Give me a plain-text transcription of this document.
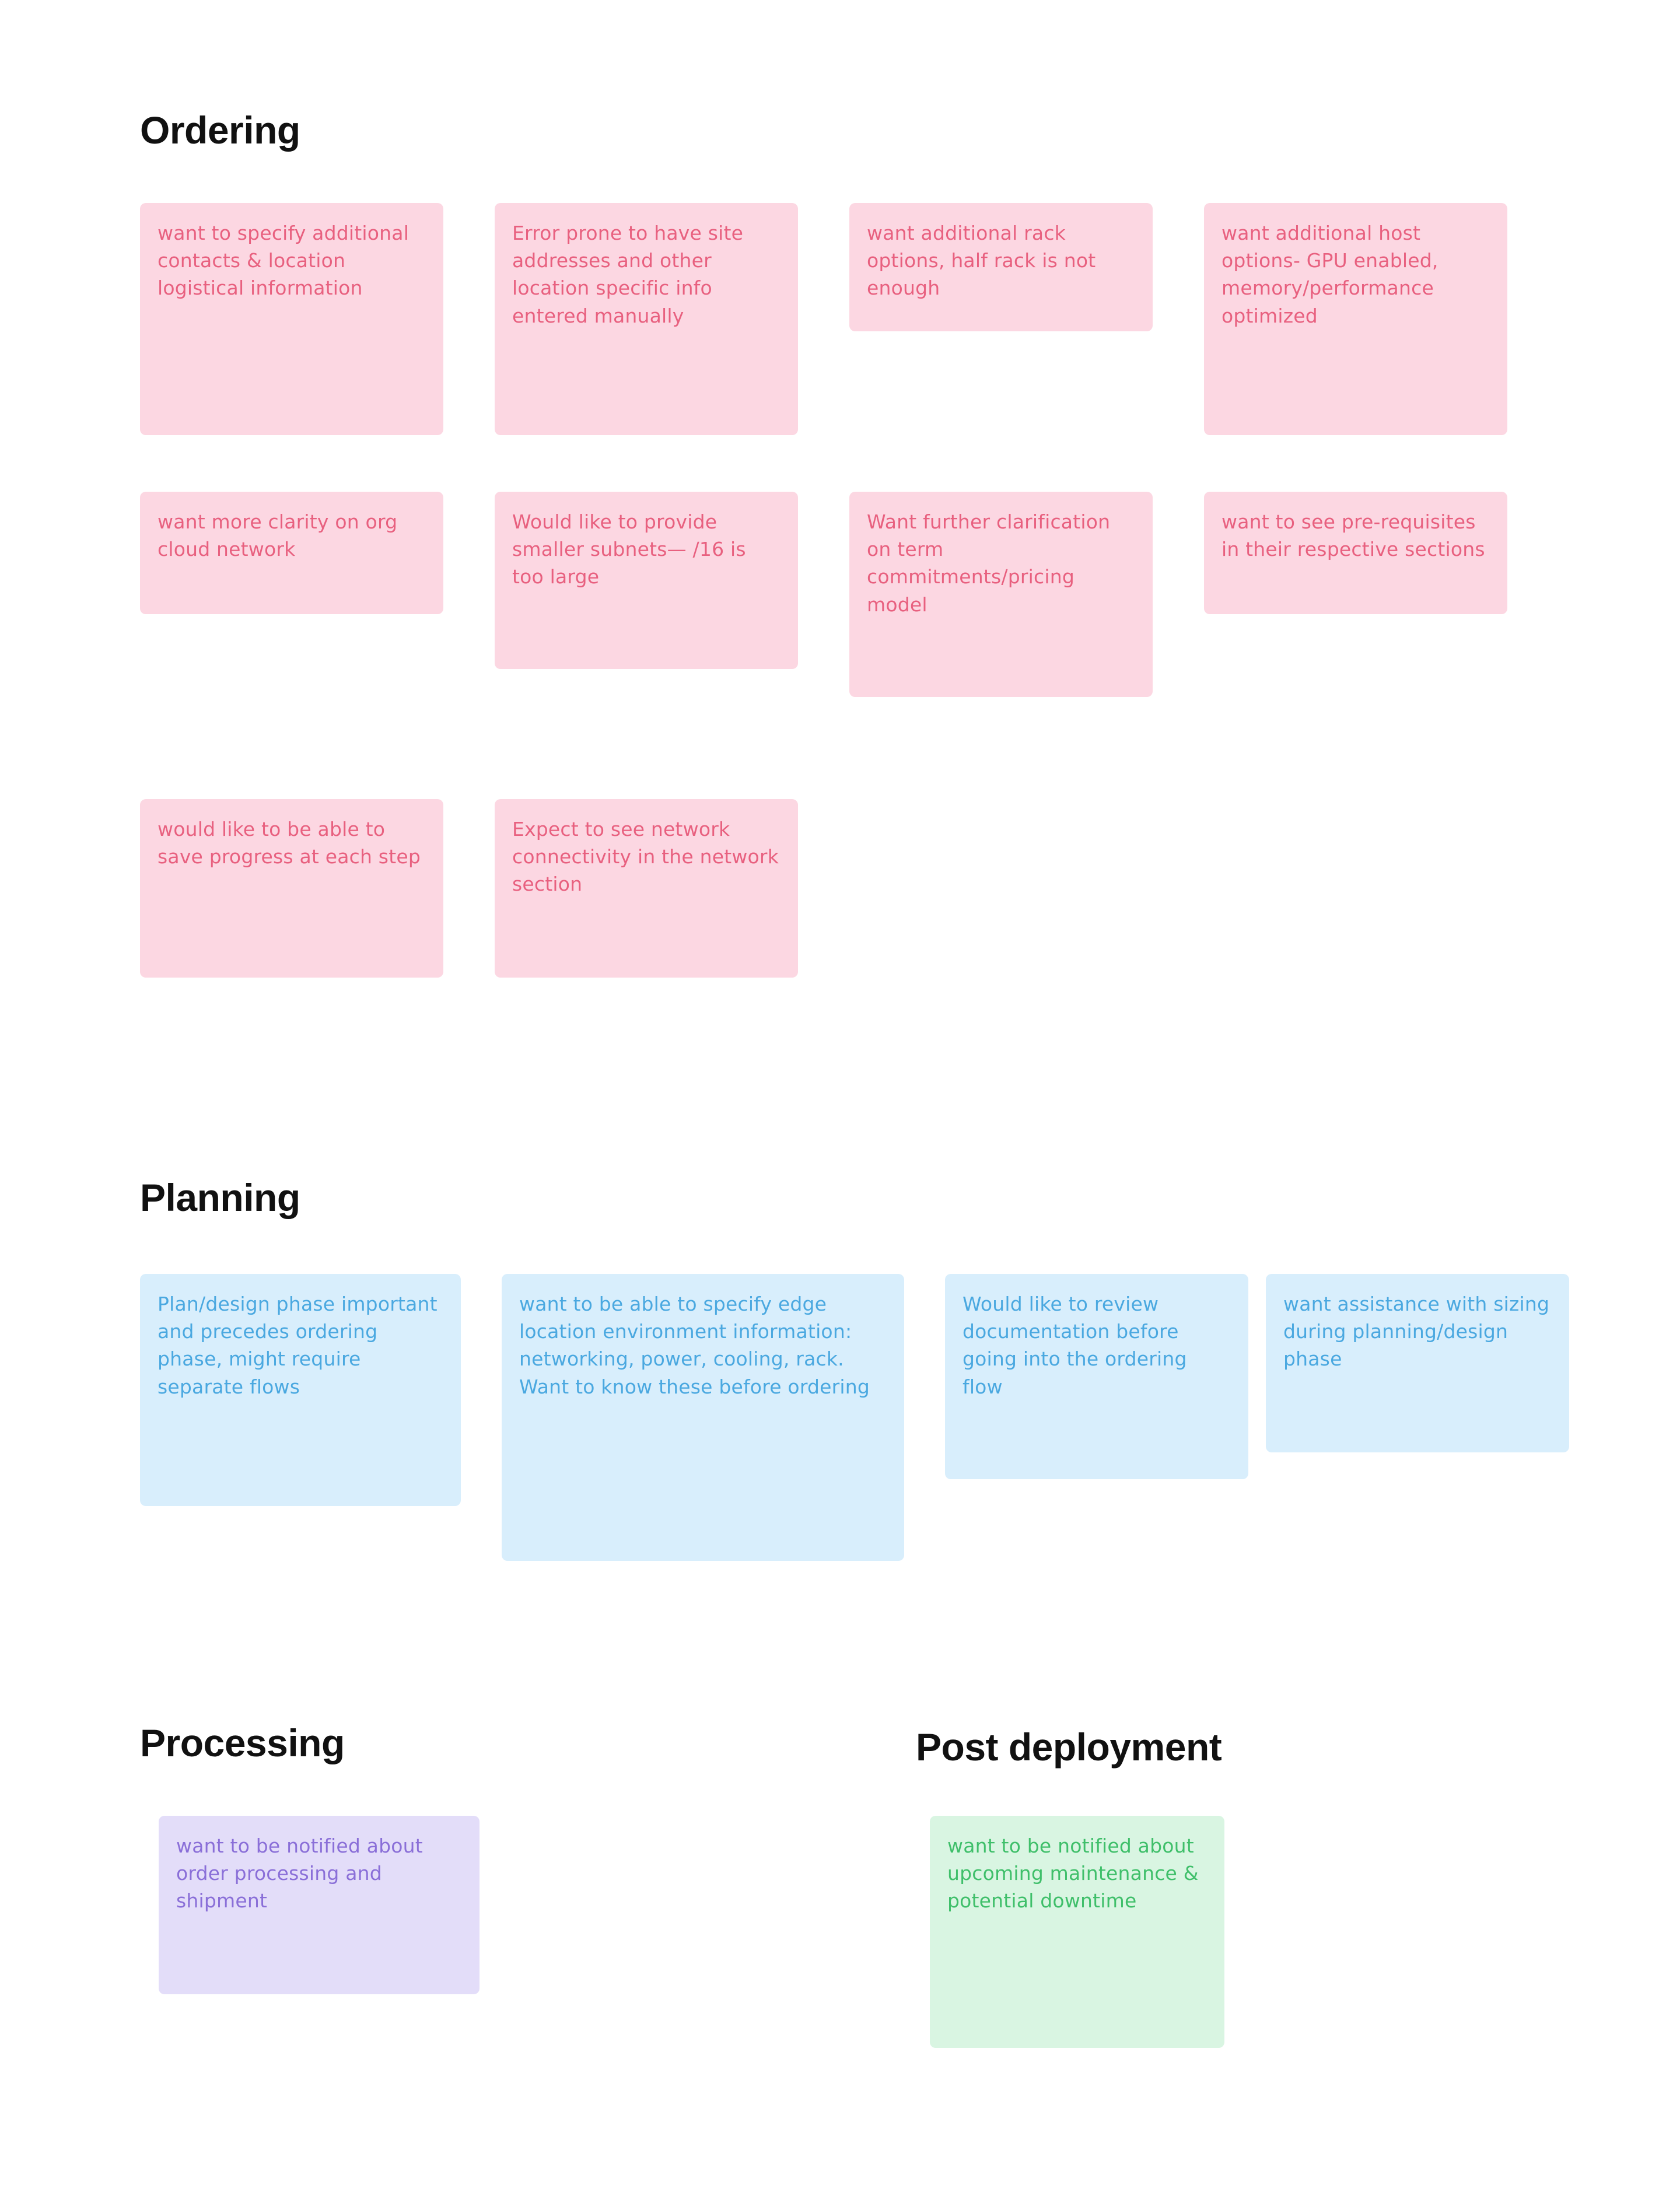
Ordering
want to specify additional contacts & location logistical information
Error prone to have site addresses and other location specific info entered manually
want additional rack options, half rack is not enough
want additional host options- GPU enabled, memory/performance optimized
want more clarity on org cloud network
Would like to provide smaller subnets— /16 is too large
Want further clarification on term commitments/pricing model
want to see pre-requisites in their respective sections
would like to be able to save progress at each step
Expect to see network connectivity in the network section
Planning
Plan/design phase important and precedes ordering phase, might require separate flows
want to be able to specify edge location environment information: networking, power, cooling, rack. Want to know these before ordering
Would like to review documentation before going into the ordering flow
want assistance with sizing during planning/design phase
Processing
want to be notified about order processing and shipment
Post deployment
want to be notified about upcoming maintenance & potential downtime
